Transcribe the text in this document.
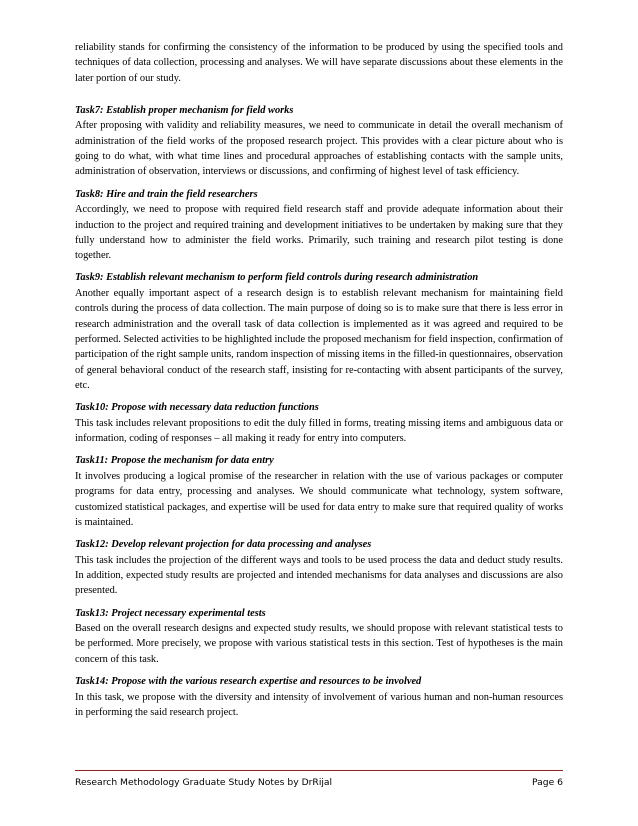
reliability stands for confirming the consistency of the information to be produced by using the specified tools and techniques of data collection, processing and analyses. We will have separate discussions about these elements in the later portion of our study.

Task7: Establish proper mechanism for field works

After proposing with validity and reliability measures, we need to communicate in detail the overall mechanism of administration of the field works of the proposed research project. This provides with a clear picture about who is going to do what, with what time lines and procedural approaches of establishing contacts with the sample units, administration of observation, interviews or discussions, and confirming of highest level of task efficiency.

Task8: Hire and train the field researchers

Accordingly, we need to propose with required field research staff and provide adequate information about their induction to the project and required training and development initiatives to be undertaken by making sure that they fully understand how to administer the field works. Primarily, such training and research pilot testing is done together.

Task9: Establish relevant mechanism to perform field controls during research administration

Another equally important aspect of a research design is to establish relevant mechanism for maintaining field controls during the process of data collection. The main purpose of doing so is to make sure that there is less error in research administration and the overall task of data collection is implemented as it was agreed and required to be performed. Selected activities to be highlighted include the proposed mechanism for field inspection, confirmation of participation of the right sample units, random inspection of missing items in the filled-in questionnaires, observation of general behavioral conduct of the research staff, insisting for re-contacting with absent participants of the survey, etc.

Task10: Propose with necessary data reduction functions

This task includes relevant propositions to edit the duly filled in forms, treating missing items and ambiguous data or information, coding of responses – all making it ready for entry into computers.

Task11: Propose the mechanism for data entry

It involves producing a logical promise of the researcher in relation with the use of various packages or computer programs for data entry, processing and analyses. We should communicate what technology, system software, customized statistical packages, and expertise will be used for data entry to make sure that required quality of works is maintained.

Task12: Develop relevant projection for data processing and analyses

This task includes the projection of the different ways and tools to be used process the data and deduct study results. In addition, expected study results are projected and intended mechanisms for data analyses and discussions are also presented.

Task13: Project necessary experimental tests

Based on the overall research designs and expected study results, we should propose with relevant statistical tests to be performed. More precisely, we propose with various statistical tests in this section. Test of hypotheses is the main concern of this task.

Task14: Propose with the various research expertise and resources to be involved

In this task, we propose with the diversity and intensity of involvement of various human and non-human resources in performing the said research project.

Research Methodology Graduate Study Notes by DrRijal	Page 6
